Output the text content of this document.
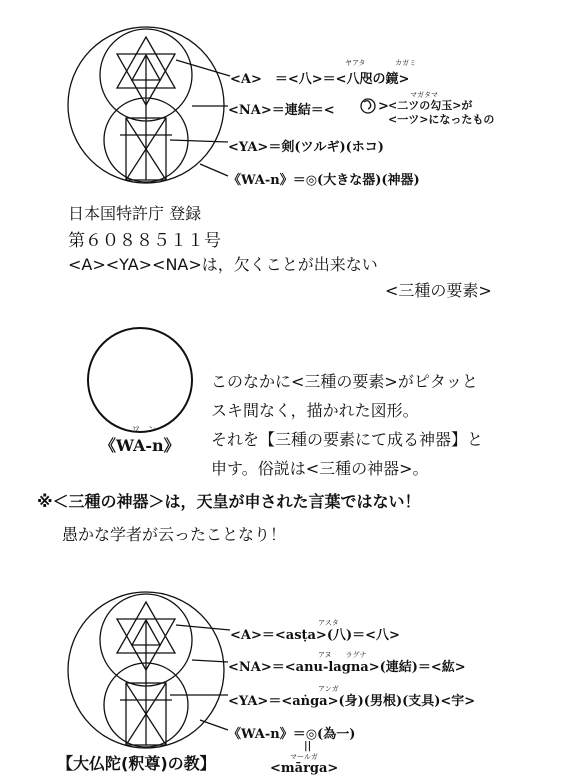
<A>　＝<八>＝<八咫の鏡>
ヤアタ	カガミ
<NA>＝連結＝<	>
マガタマ
<二ツの勾玉>が
<一ツ>になったもの
<YA>＝剣(ツルギ)(ホコ)
《WA-n》＝◎(大きな器)(神器)
日本国特許庁 登録
第６０８８５１１号
<A><YA><NA>は，欠くことが出来ない
<三種の要素>
ワ　ン
《WA-n》
このなかに<三種の要素>がピタッと
スキ間なく，描かれた図形。
それを【三種の要素にて成る神器】と
申す。俗説は<三種の神器>。
※＜三種の神器＞は，天皇が申された言葉ではない！
愚かな学者が云ったことなり！
アスタ
<A>＝<asṭa>(八)＝<八>
アヌ　　ラグナ
<NA>＝<anu-lagna>(連結)＝<紘>
アンガ
<YA>＝<aṅga>(身)(男根)(支具)<宇>
《WA-n》＝◎(為一)
||
マールガ
<mārga>
【大仏陀(釈尊)の教】
